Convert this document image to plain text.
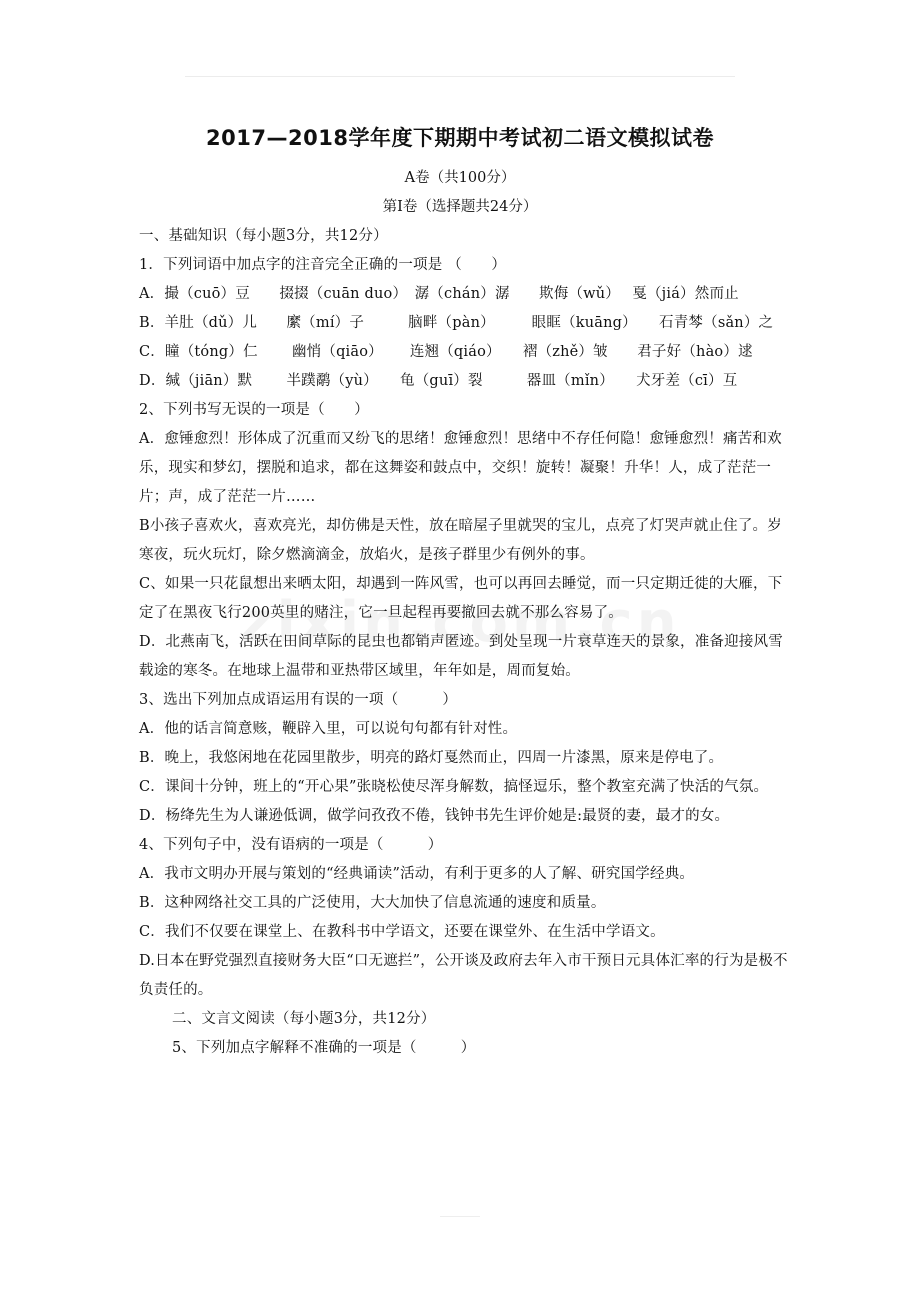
2017—2018学年度下期期中考试初二语文模拟试卷
A卷（共100分）
第Ⅰ卷（选择题共24分）

一、基础知识（每小题3分，共12分）

1．下列词语中加点字的注音完全正确的一项是 （　　）

A．撮（cuō）豆　　掇掇（cuān duo）　潺（chán）潺　　欺侮（wǔ）　 戛（jiá）然而止

B．羊肚（dǔ）儿　　縻（mí）子　　　脑畔（pàn）　　　眼眶（kuāng）　　石青棽（sǎn）之

C．瞳（tóng）仁　　 幽悄（qiāo）　　 连翘（qiáo）　　褶（zhě）皱　　君子好（hào）逑

D．缄（jiān）默　　 半蹼鹬（yù）　　龟（guī）裂　　　器皿（mǐn）　　犬牙差（cī）互

2、下列书写无误的一项是（　　）

A．愈锤愈烈！形体成了沉重而又纷飞的思绪！愈锤愈烈！思绪中不存任何隐！愈锤愈烈！痛苦和欢乐，现实和梦幻，摆脱和追求，都在这舞姿和鼓点中，交织！旋转！凝聚！升华！人，成了茫茫一片；声，成了茫茫一片……

B小孩子喜欢火，喜欢亮光，却仿佛是天性，放在暗屋子里就哭的宝儿，点亮了灯哭声就止住了。岁寒夜，玩火玩灯，除夕燃滴滴金，放焰火，是孩子群里少有例外的事。

C、如果一只花鼠想出来晒太阳，却遇到一阵风雪，也可以再回去睡觉，而一只定期迁徙的大雁，下定了在黑夜飞行200英里的赌注，它一旦起程再要撤回去就不那么容易了。

D．北燕南飞，活跃在田间草际的昆虫也都销声匿迹。到处呈现一片衰草连天的景象，准备迎接风雪载途的寒冬。在地球上温带和亚热带区域里，年年如是，周而复始。

3、选出下列加点成语运用有误的一项（　　　）

A．他的话言简意赅，鞭辟入里，可以说句句都有针对性。

B．晚上，我悠闲地在花园里散步，明亮的路灯戛然而止，四周一片漆黑，原来是停电了。

C．课间十分钟，班上的“开心果”张晓松使尽浑身解数，搞怪逗乐，整个教室充满了快活的气氛。

D．杨绛先生为人谦逊低调，做学问孜孜不倦，钱钟书先生评价她是:最贤的妻，最才的女。

4、下列句子中，没有语病的一项是（　　　）

A．我市文明办开展与策划的“经典诵读”活动，有利于更多的人了解、研究国学经典。

B．这种网络社交工具的广泛使用，大大加快了信息流通的速度和质量。

C．我们不仅要在课堂上、在教科书中学语文，还要在课堂外、在生活中学语文。

D.日本在野党强烈直接财务大臣“口无遮拦”，公开谈及政府去年入市干预日元具体汇率的行为是极不负责任的。

二、文言文阅读（每小题3分，共12分）

5、下列加点字解释不准确的一项是（　　　）
